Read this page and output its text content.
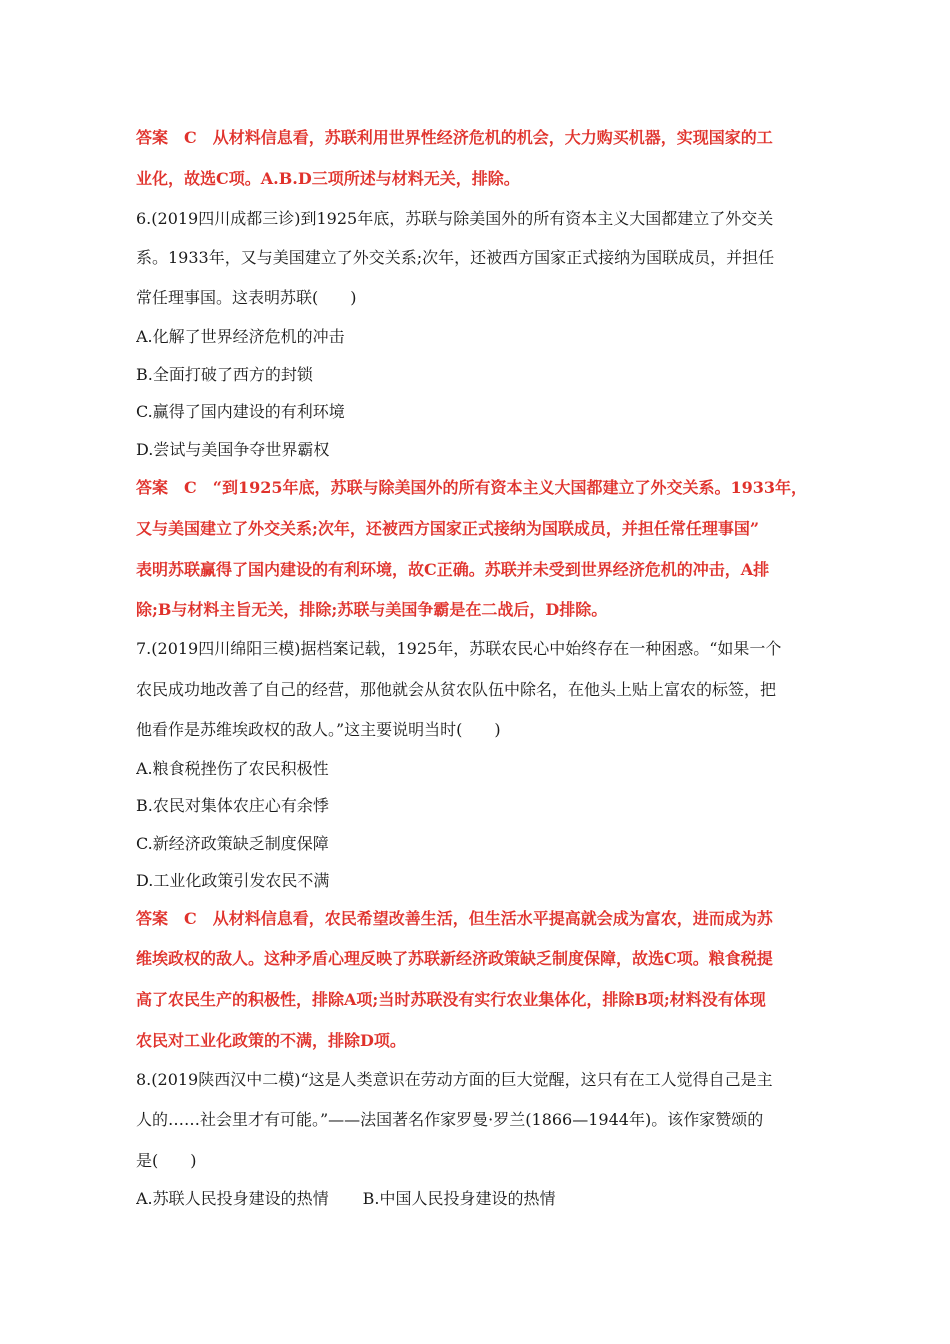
答案　C　从材料信息看，苏联利用世界性经济危机的机会，大力购买机器，实现国家的工
业化，故选C项。A.B.D三项所述与材料无关，排除。
6.(2019四川成都三诊)到1925年底，苏联与除美国外的所有资本主义大国都建立了外交关
系。1933年，又与美国建立了外交关系;次年，还被西方国家正式接纳为国联成员，并担任
常任理事国。这表明苏联(　　)
A.化解了世界经济危机的冲击
B.全面打破了西方的封锁
C.赢得了国内建设的有利环境
D.尝试与美国争夺世界霸权
答案　C　“到1925年底，苏联与除美国外的所有资本主义大国都建立了外交关系。1933年，
又与美国建立了外交关系;次年，还被西方国家正式接纳为国联成员，并担任常任理事国”
表明苏联赢得了国内建设的有利环境，故C正确。苏联并未受到世界经济危机的冲击，A排
除;B与材料主旨无关，排除;苏联与美国争霸是在二战后，D排除。
7.(2019四川绵阳三模)据档案记载，1925年，苏联农民心中始终存在一种困惑。“如果一个
农民成功地改善了自己的经营，那他就会从贫农队伍中除名，在他头上贴上富农的标签，把
他看作是苏维埃政权的敌人。”这主要说明当时(　　)
A.粮食税挫伤了农民积极性
B.农民对集体农庄心有余悸
C.新经济政策缺乏制度保障
D.工业化政策引发农民不满
答案　C　从材料信息看，农民希望改善生活，但生活水平提高就会成为富农，进而成为苏
维埃政权的敌人。这种矛盾心理反映了苏联新经济政策缺乏制度保障，故选C项。粮食税提
高了农民生产的积极性，排除A项;当时苏联没有实行农业集体化，排除B项;材料没有体现
农民对工业化政策的不满，排除D项。
8.(2019陕西汉中二模)“这是人类意识在劳动方面的巨大觉醒，这只有在工人觉得自己是主
人的……社会里才有可能。”——法国著名作家罗曼·罗兰(1866—1944年)。该作家赞颂的
是(　　)
A.苏联人民投身建设的热情 B.中国人民投身建设的热情
